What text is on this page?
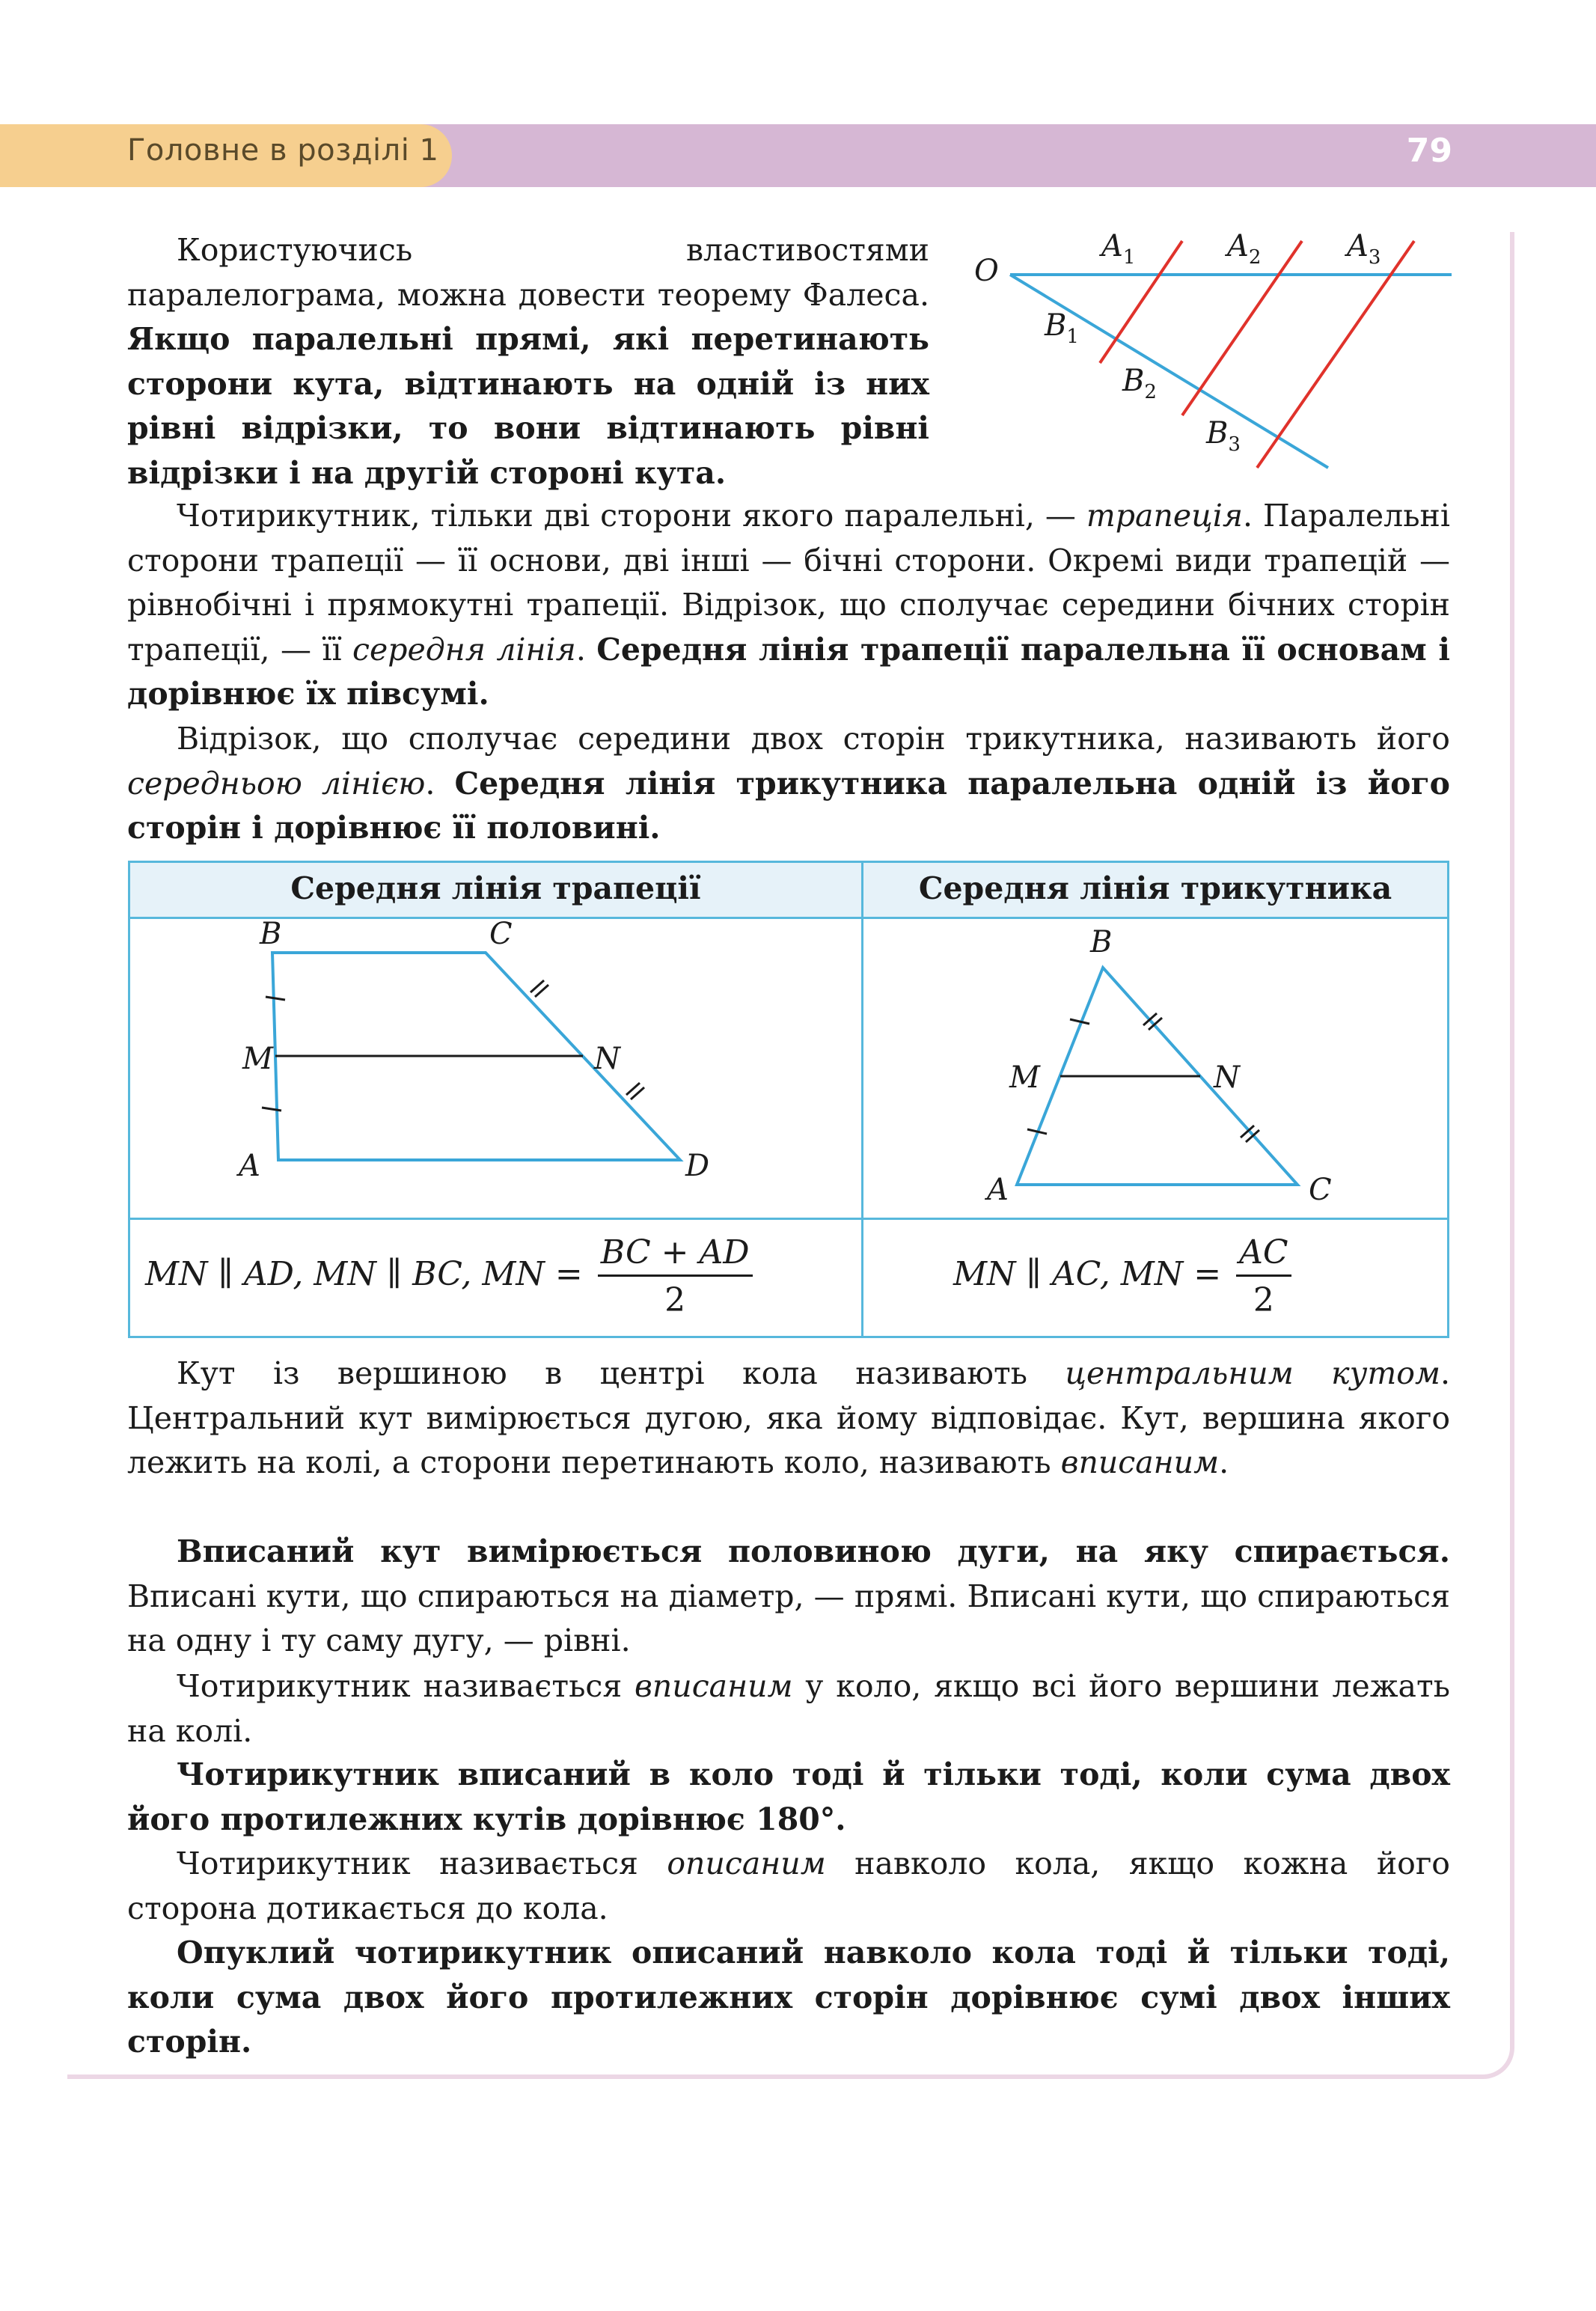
Головне в розділі 1	79

Користуючись властивостями паралелограма, можна довести теорему Фалеса. Якщо паралельні прямі, які перетинають сторони кута, відтинають на одній із них рівні відрізки, то вони відтинають рівні відрізки і на другій стороні кута.

O
$A_1$	$A_2$	$A_3$
$B_1$
$B_2$
$B_3$

Чотирикутник, тільки дві сторони якого паралельні, — трапеція. Паралельні сторони трапеції — її основи, дві інші — бічні сторони. Окремі види трапецій — рівнобічні і прямокутні трапеції. Відрізок, що сполучає середини бічних сторін трапеції, — її середня лінія. Середня лінія трапеції паралельна її основам і дорівнює їх півсумі.

Відрізок, що сполучає середини двох сторін трикутника, називають його середньою лінією. Середня лінія трикутника паралельна одній із його сторін і дорівнює її половині.

Середня лінія трапеції	Середня лінія трикутника
B	C
M	N
A	D
B
M	N
A	C
MN ∥ AD, MN ∥ BC, MN = $\frac{BC + AD}{2}$	MN ∥ AC, MN = $\frac{AC}{2}$

Кут із вершиною в центрі кола називають центральним кутом. Центральний кут вимірюється дугою, яка йому відповідає. Кут, вершина якого лежить на колі, а сторони перетинають коло, називають вписаним.

Вписаний кут вимірюється половиною дуги, на яку спирається. Вписані кути, що спираються на діаметр, — прямі. Вписані кути, що спираються на одну і ту саму дугу, — рівні.

Чотирикутник називається вписаним у коло, якщо всі його вершини лежать на колі.

Чотирикутник вписаний в коло тоді й тільки тоді, коли сума двох його протилежних кутів дорівнює 180°.

Чотирикутник називається описаним навколо кола, якщо кожна його сторона дотикається до кола.

Опуклий чотирикутник описаний навколо кола тоді й тільки тоді, коли сума двох його протилежних сторін дорівнює сумі двох інших сторін.
